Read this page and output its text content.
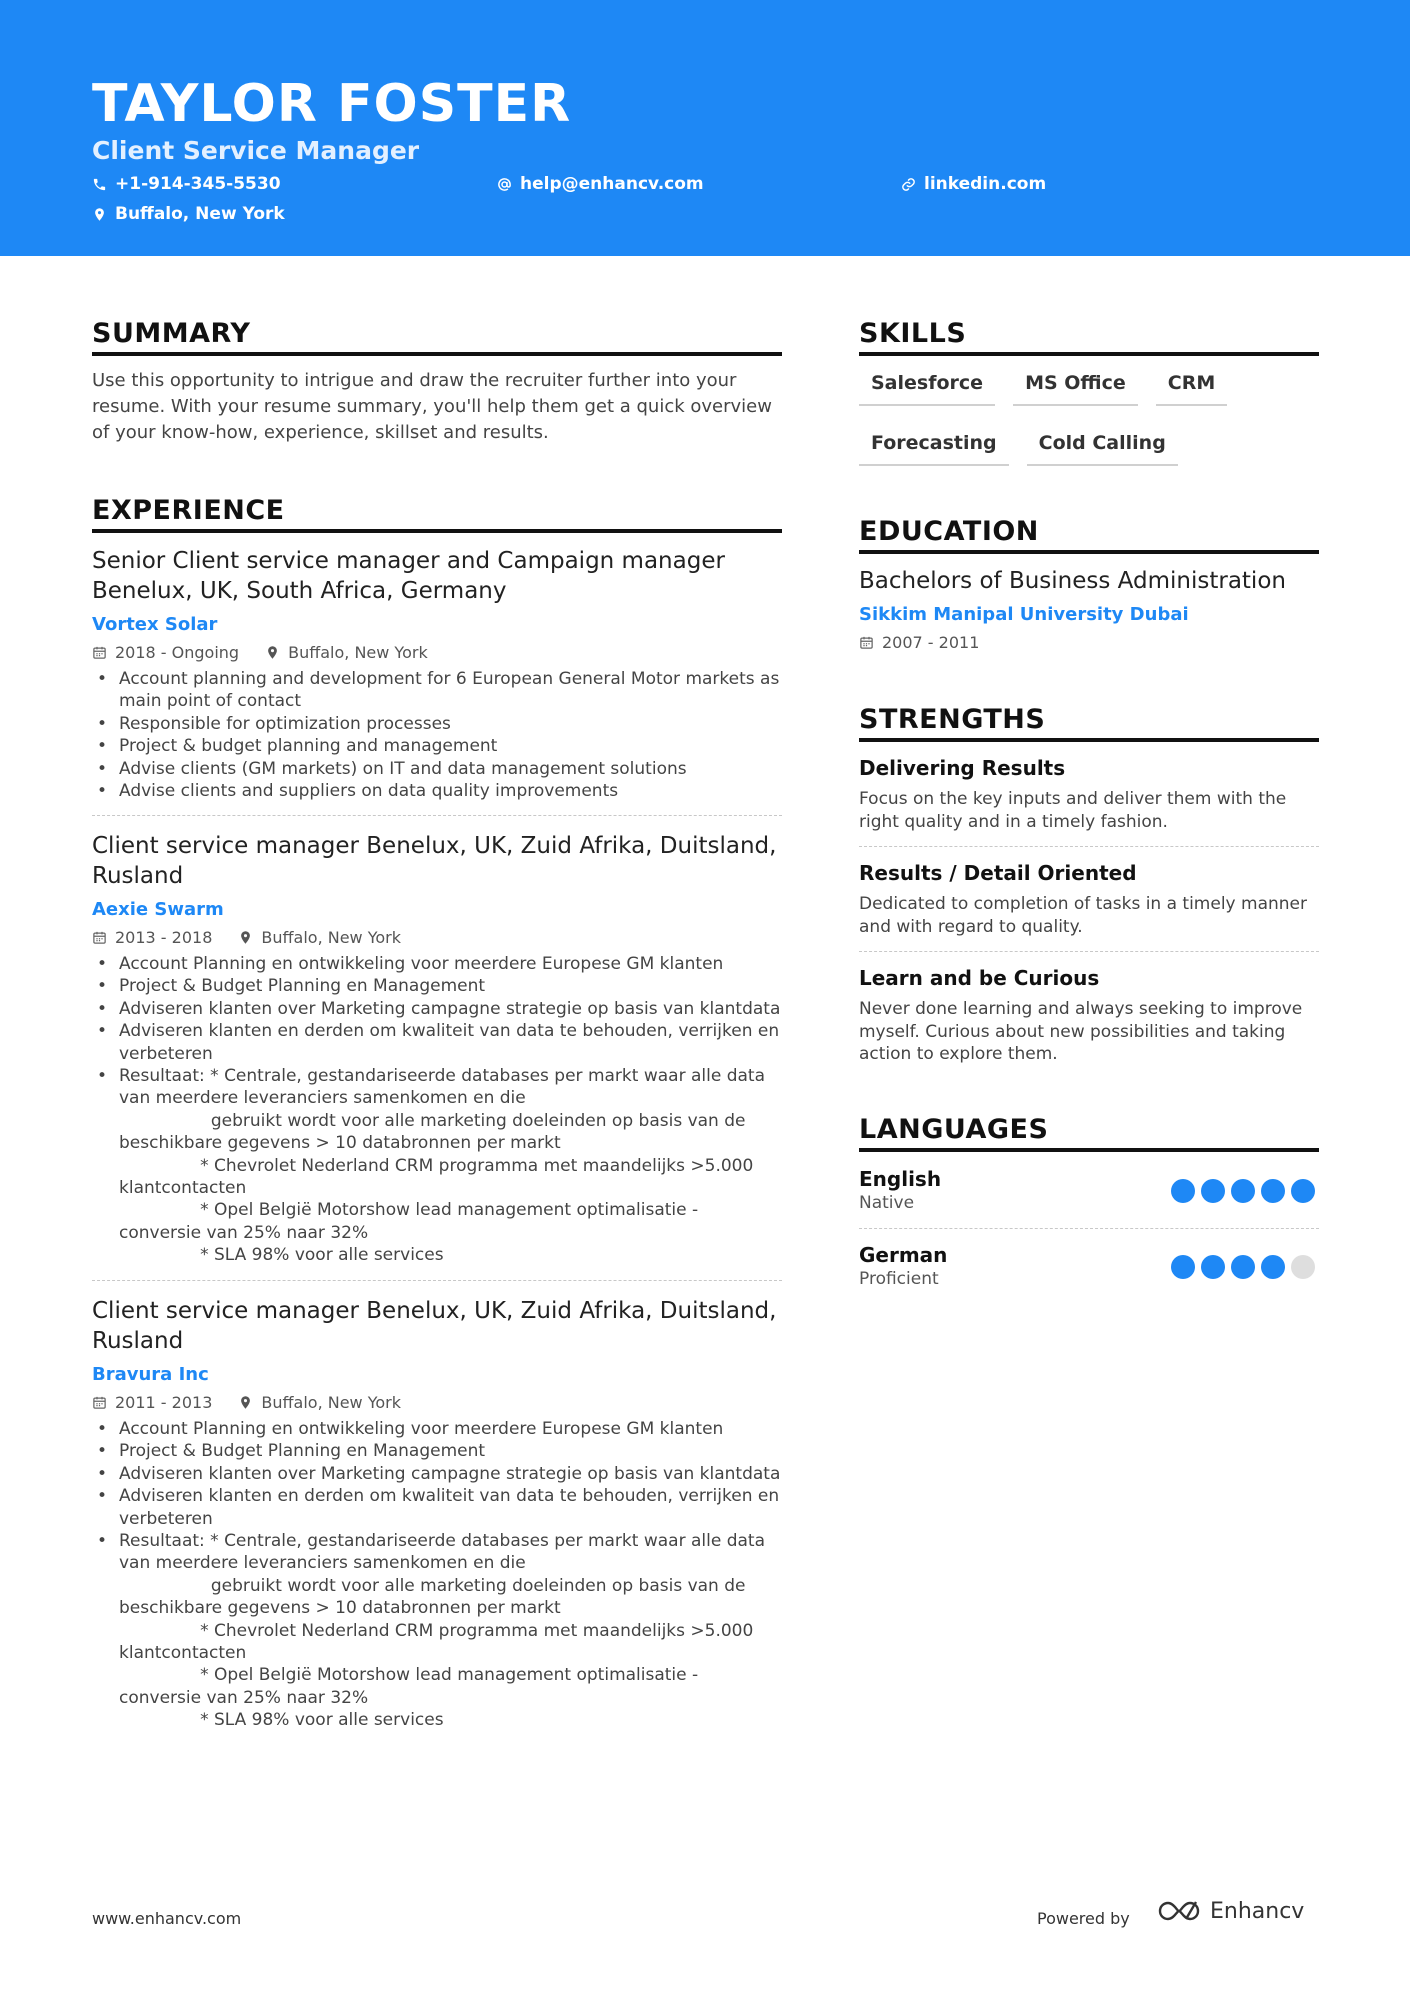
TAYLOR FOSTER
Client Service Manager
+1-914-345-5530	help@enhancv.com	linkedin.com
Buffalo, New York
SUMMARY
Use this opportunity to intrigue and draw the recruiter further into your resume. With your resume summary, you'll help them get a quick overview of your know-how, experience, skillset and results.
EXPERIENCE
Senior Client service manager and Campaign manager Benelux, UK, South Africa, Germany
Vortex Solar
2018 - Ongoing	Buffalo, New York
• Account planning and development for 6 European General Motor markets as main point of contact
• Responsible for optimization processes
• Project & budget planning and management
• Advise clients (GM markets) on IT and data management solutions
• Advise clients and suppliers on data quality improvements
Client service manager Benelux, UK, Zuid Afrika, Duitsland, Rusland
Aexie Swarm
2013 - 2018	Buffalo, New York
• Account Planning en ontwikkeling voor meerdere Europese GM klanten
• Project & Budget Planning en Management
• Adviseren klanten over Marketing campagne strategie op basis van klantdata
• Adviseren klanten en derden om kwaliteit van data te behouden, verrijken en verbeteren
• Resultaat: * Centrale, gestandariseerde databases per markt waar alle data van meerdere leveranciers samenkomen en die
gebruikt wordt voor alle marketing doeleinden op basis van de beschikbare gegevens > 10 databronnen per markt
* Chevrolet Nederland CRM programma met maandelijks >5.000 klantcontacten
* Opel België Motorshow lead management optimalisatie - conversie van 25% naar 32%
* SLA 98% voor alle services
Client service manager Benelux, UK, Zuid Afrika, Duitsland, Rusland
Bravura Inc
2011 - 2013	Buffalo, New York
• Account Planning en ontwikkeling voor meerdere Europese GM klanten
• Project & Budget Planning en Management
• Adviseren klanten over Marketing campagne strategie op basis van klantdata
• Adviseren klanten en derden om kwaliteit van data te behouden, verrijken en verbeteren
• Resultaat: * Centrale, gestandariseerde databases per markt waar alle data van meerdere leveranciers samenkomen en die
gebruikt wordt voor alle marketing doeleinden op basis van de beschikbare gegevens > 10 databronnen per markt
* Chevrolet Nederland CRM programma met maandelijks >5.000 klantcontacten
* Opel België Motorshow lead management optimalisatie - conversie van 25% naar 32%
* SLA 98% voor alle services
SKILLS
Salesforce	MS Office	CRM
Forecasting	Cold Calling
EDUCATION
Bachelors of Business Administration
Sikkim Manipal University Dubai
2007 - 2011
STRENGTHS
Delivering Results
Focus on the key inputs and deliver them with the right quality and in a timely fashion.
Results / Detail Oriented
Dedicated to completion of tasks in a timely manner and with regard to quality.
Learn and be Curious
Never done learning and always seeking to improve myself. Curious about new possibilities and taking action to explore them.
LANGUAGES
English
Native
German
Proficient
www.enhancv.com	Powered by	Enhancv
